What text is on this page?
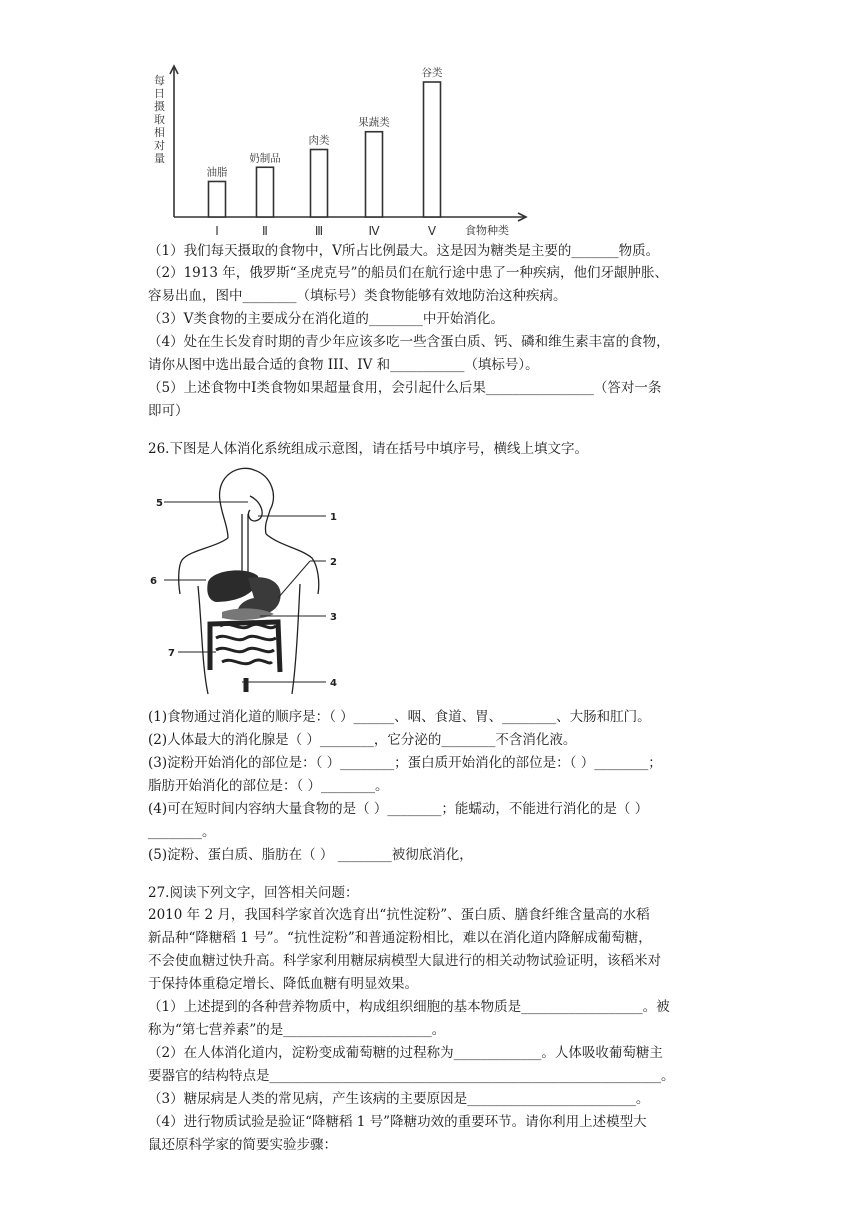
每日摄取相对量
油脂
Ⅰ
奶制品
Ⅱ
肉类
Ⅲ
果蔬类
Ⅳ
谷类
Ⅴ	食物种类
（1）我们每天摄取的食物中，Ⅴ所占比例最大。这是因为糖类是主要的_______物质。
（2）1913 年，俄罗斯“圣虎克号”的船员们在航行途中患了一种疾病，他们牙龈肿胀、
容易出血，图中________（填标号）类食物能够有效地防治这种疾病。
（3）Ⅴ类食物的主要成分在消化道的________中开始消化。
（4）处在生长发育时期的青少年应该多吃一些含蛋白质、钙、磷和维生素丰富的食物，
请你从图中选出最合适的食物 III、IV 和___________（填标号）。
（5）上述食物中Ⅰ类食物如果超量食用，会引起什么后果________________（答对一条
即可）
26.下图是人体消化系统组成示意图，请在括号中填序号，横线上填文字。
5
1
2
6
3
7
4
(1)食物通过消化道的顺序是：（ ）______、咽、食道、胃、________、大肠和肛门。
(2)人体最大的消化腺是（ ）________，它分泌的________不含消化液。
(3)淀粉开始消化的部位是：（ ）________；蛋白质开始消化的部位是：（ ）________；
脂肪开始消化的部位是：（ ）________。
(4)可在短时间内容纳大量食物的是（ ）________；能蠕动，不能进行消化的是（ ）
________。
(5)淀粉、蛋白质、脂肪在（ ） ________被彻底消化，
27.阅读下列文字，回答相关问题：
2010 年 2 月，我国科学家首次选育出“抗性淀粉”、蛋白质、膳食纤维含量高的水稻
新品种“降糖稻 1 号”。“抗性淀粉”和普通淀粉相比，难以在消化道内降解成葡萄糖，
不会使血糖过快升高。科学家利用糖尿病模型大鼠进行的相关动物试验证明，该稻米对
于保持体重稳定增长、降低血糖有明显效果。
（1）上述提到的各种营养物质中，构成组织细胞的基本物质是__________________。被
称为“第七营养素”的是______________________。
（2）在人体消化道内，淀粉变成葡萄糖的过程称为_____________。人体吸收葡萄糖主
要器官的结构特点是__________________________________________________________。
（3）糖尿病是人类的常见病，产生该病的主要原因是_________________________。
（4）进行物质试验是验证“降糖稻 1 号”降糖功效的重要环节。请你利用上述模型大
鼠还原科学家的简要实验步骤：
